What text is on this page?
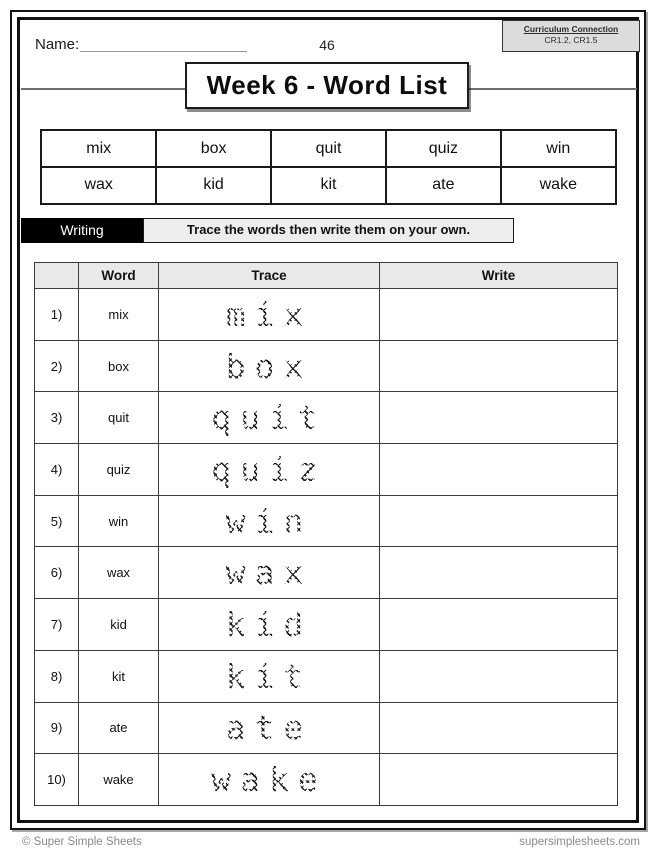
Name:	46
Curriculum Connection
CR1.2, CR1.5
Week 6 - Word List
mix	box	quit	quiz	win
wax	kid	kit	ate	wake
Writing	Trace the words then write them on your own.
	Word	Trace	Write
1)	mix	mix	
2)	box	box	
3)	quit	quit	
4)	quiz	quiz	
5)	win	win	
6)	wax	wax	
7)	kid	kid	
8)	kit	kit	
9)	ate	ate	
10)	wake	wake	
© Super Simple Sheets	supersimplesheets.com
